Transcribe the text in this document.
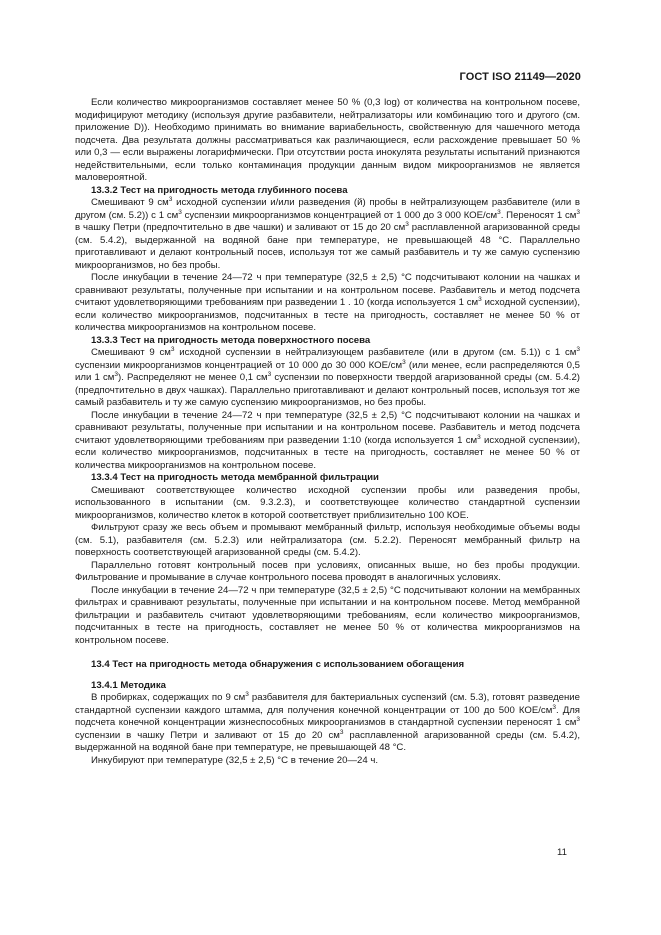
ГОСТ ISO 21149—2020

Если количество микроорганизмов составляет менее 50 % (0,3 log) от количества на контрольном посеве, модифицируют методику (используя другие разбавители, нейтрализаторы или комбинацию того и другого (см. приложение D)). Необходимо принимать во внимание вариабельность, свойственную для чашечного метода подсчета. Два результата должны рассматриваться как различающиеся, если расхождение превышает 50 % или 0,3 — если выражены логарифмически. При отсутствии роста инокулята результаты испытаний признаются недействительными, если только контаминация продукции данным видом микроорганизмов не является маловероятной.

13.3.2 Тест на пригодность метода глубинного посева

Смешивают 9 $см^3$ исходной суспензии и/или разведения (й) пробы в нейтрализующем разбавителе (или в другом (см. 5.2)) с 1 $см^3$ суспензии микроорганизмов концентрацией от 1 000 до 3 000 КОЕ/$см^3$. Переносят 1 $см^3$ в чашку Петри (предпочтительно в две чашки) и заливают от 15 до 20 $см^3$ расплавленной агаризованной среды (см. 5.4.2), выдержанной на водяной бане при температуре, не превышающей 48 °С. Параллельно приготавливают и делают контрольный посев, используя тот же самый разбавитель и ту же самую суспензию микроорганизмов, но без пробы.

После инкубации в течение 24—72 ч при температуре (32,5 ± 2,5) °С подсчитывают колонии на чашках и сравнивают результаты, полученные при испытании и на контрольном посеве. Разбавитель и метод подсчета считают удовлетворяющими требованиям при разведении 1 . 10 (когда используется 1 $см^3$ исходной суспензии), если количество микроорганизмов, подсчитанных в тесте на пригодность, составляет не менее 50 % от количества микроорганизмов на контрольном посеве.

13.3.3 Тест на пригодность метода поверхностного посева

Смешивают 9 $см^3$ исходной суспензии в нейтрализующем разбавителе (или в другом (см. 5.1)) с 1 $см^3$ суспензии микроорганизмов концентрацией от 10 000 до 30 000 КОЕ/$см^3$ (или менее, если распределяются 0,5 или 1 $см^3$). Распределяют не менее 0,1 $см^3$ суспензии по поверхности твердой агаризованной среды (см. 5.4.2) (предпочтительно в двух чашках). Параллельно приготавливают и делают контрольный посев, используя тот же самый разбавитель и ту же самую суспензию микроорганизмов, но без пробы.

После инкубации в течение 24—72 ч при температуре (32,5 ± 2,5) °С подсчитывают колонии на чашках и сравнивают результаты, полученные при испытании и на контрольном посеве. Разбавитель и метод подсчета считают удовлетворяющими требованиям при разведении 1:10 (когда используется 1 $см^3$ исходной суспензии), если количество микроорганизмов, подсчитанных в тесте на пригодность, составляет не менее 50 % от количества микроорганизмов на контрольном посеве.

13.3.4 Тест на пригодность метода мембранной фильтрации

Смешивают соответствующее количество исходной суспензии пробы или разведения пробы, использованного в испытании (см. 9.3.2.3), и соответствующее количество стандартной суспензии микроорганизмов, количество клеток в которой соответствует приблизительно 100 КОЕ.

Фильтруют сразу же весь объем и промывают мембранный фильтр, используя необходимые объемы воды (см. 5.1), разбавителя (см. 5.2.3) или нейтрализатора (см. 5.2.2). Переносят мембранный фильтр на поверхность соответствующей агаризованной среды (см. 5.4.2).

Параллельно готовят контрольный посев при условиях, описанных выше, но без пробы продукции. Фильтрование и промывание в случае контрольного посева проводят в аналогичных условиях.

После инкубации в течение 24—72 ч при температуре (32,5 ± 2,5) °С подсчитывают колонии на мембранных фильтрах и сравнивают результаты, полученные при испытании и на контрольном посеве. Метод мембранной фильтрации и разбавитель считают удовлетворяющими требованиям, если количество микроорганизмов, подсчитанных в тесте на пригодность, составляет не менее 50 % от количества микроорганизмов на контрольном посеве.

13.4 Тест на пригодность метода обнаружения с использованием обогащения
13.4.1 Методика

В пробирках, содержащих по 9 $см^3$ разбавителя для бактериальных суспензий (см. 5.3), готовят разведение стандартной суспензии каждого штамма, для получения конечной концентрации от 100 до 500 КОЕ/$см^3$. Для подсчета конечной концентрации жизнеспособных микроорганизмов в стандартной суспензии переносят 1 $см^3$ суспензии в чашку Петри и заливают от 15 до 20 $см^3$ расплавленной агаризованной среды (см. 5.4.2), выдержанной на водяной бане при температуре, не превышающей 48 °С.

Инкубируют при температуре (32,5 ± 2,5) °С в течение 20—24 ч.

11
